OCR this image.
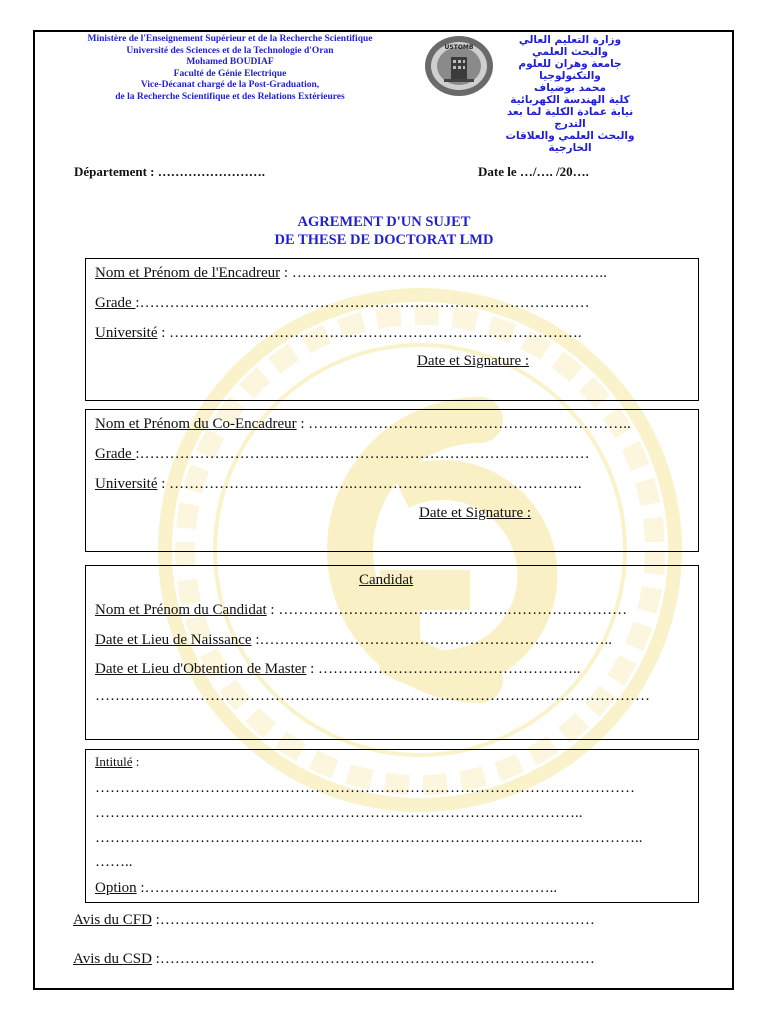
Ministère de l'Enseignement Supérieur et de la Recherche Scientifique
Université des Sciences et de la Technologie d'Oran
Mohamed BOUDIAF
Faculté de Génie Electrique
Vice-Décanat chargé de la Post-Graduation,
de la Recherche Scientifique et des Relations Extérieures
USTOMB
وزارة التعليم العالي
والبحث العلمي
جامعة وهران للعلوم
والتكنولوجيا
محمد بوضياف
كلية الهندسة الكهربائية
نيابة عمادة الكلية لما بعد
التدرج
والبحث العلمي والعلاقات
الخارجية
Département : …………………….	Date le …/…. /20….
AGREMENT D'UN SUJET
DE THESE DE DOCTORAT LMD
Nom et Prénom de l'Encadreur : ………………………………..……………………..
Grade :………………………………………………………………………………
Université : ……………………………….……………………………………….
Date et Signature :
Nom et Prénom du Co-Encadreur : ………………………………………………………..
Grade :………………………………………………………………………………
Université : ……………………………….……………………………………….
Date et Signature :
Candidat
Nom et Prénom du Candidat : ……………………………………….……………………
Date et Lieu de Naissance :……………………………………………………………..
Date et Lieu d'Obtention de Master : ……………………………………………..
…………………………………………………………………………………………………
Intitulé :
………………………………………………………………………………………………
……………………………………………………………………………………..
………………………………………………………………………………………………..
……..
Option :………………………………………………………………………..
Avis du CFD :……………………………………………………………………………
Avis du CSD :……………………………………………………………………………
